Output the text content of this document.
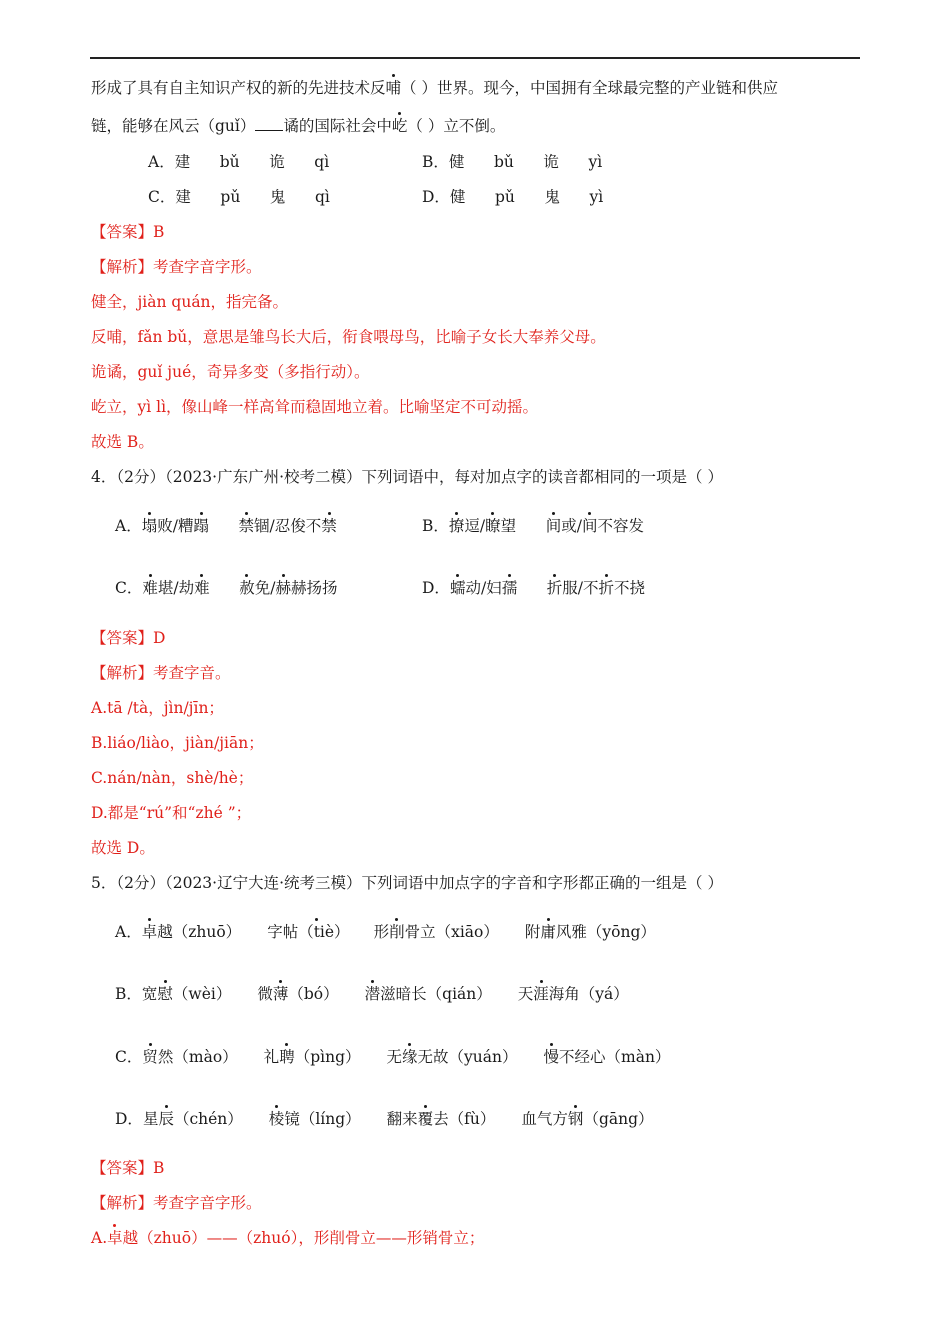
形成了具有自主知识产权的新的先进技术反哺（ ）世界。现今，中国拥有全球最完整的产业链和供应
链，能够在风云（guǐ） 谲的国际社会中屹（ ）立不倒。
A．建      bǔ      诡      qì	B．健      bǔ      诡      yì
C．建      pǔ      鬼      qì	D．健      pǔ      鬼      yì
【答案】B
【解析】考查字音字形。
健全，jiàn quán，指完备。
反哺，fǎn bǔ，意思是雏鸟长大后，衔食喂母鸟，比喻子女长大奉养父母。
诡谲，guǐ jué，奇异多变（多指行动）。
屹立，yì lì，像山峰一样高耸而稳固地立着。比喻坚定不可动摇。
故选 B。
4．（2分）（2023·广东广州·校考二模）下列词语中，每对加点字的读音都相同的一项是（ ）
A．塌败/糟蹋 禁锢/忍俊不禁	B．撩逗/瞭望      间或/间不容发
C．难堪/劫难 赦免/赫赫扬扬	D．蠕动/妇孺 折服/不折不挠
【答案】D
【解析】考查字音。
A.tā /tà，jìn/jīn；
B.liáo/liào，jiàn/jiān；
C.nán/nàn，shè/hè；
D.都是“rú”和“zhé ”；
故选 D。
5．（2分）（2023·辽宁大连·统考三模）下列词语中加点字的字音和字形都正确的一组是（ ）
A．卓越（zhuō） 字帖（tiè） 形削骨立（xiāo） 附庸风雅（yōng）
B．宽慰（wèi） 微薄（bó） 潜滋暗长（qián） 天涯海角（yá）
C．贸然（mào） 礼聘（pìng） 无缘无故（yuán） 慢不经心（màn）
D．星辰（chén） 棱镜（líng） 翻来覆去（fù） 血气方钢（gāng）
【答案】B
【解析】考查字音字形。
A.卓越（zhuō）——（zhuó），形削骨立——形销骨立；
